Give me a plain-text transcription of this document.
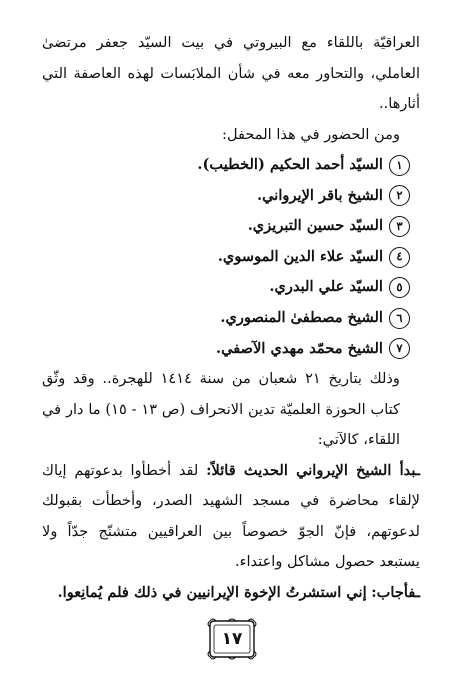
العراقيّة باللقاء مع البيروتي في بيت السيّد جعفر مرتضىٰ العاملي، والتحاور معه في شأن الملابَسات لهذه العاصفة التي أثارها..

ومن الحضور في هذا المحفل:

١
السيّد أحمد الحكيم (الخطيب).
٢
الشيخ باقر الإيرواني.
٣
السيّد حسين التبريزي.
٤
السيّد علاء الدين الموسوي.
٥
السيّد علي البدري.
٦
الشيخ مصطفىٰ المنصوري.
٧
الشيخ محمّد مهدي الآصفي.

وذلك بتاريخ ٢١ شعبان من سنة ١٤١٤ للهجرة.. وقد وثّق كتاب الحوزة العلميّة تدين الانحراف (ص ١٣ - ١٥) ما دار في اللقاء، كالآتي:

ـبدأ الشيخ الإيرواني الحديث قائلاً: لقد أخطأوا بدعوتهم إياك لإلقاء محاضرة في مسجد الشهيد الصدر، وأخطأت بقبولك لدعوتهم، فإنّ الجوّ خصوصاً بين العراقيين متشنّج جدّاً ولا يستبعد حصول مشاكل واعتداء.

ـفأجاب: إني استشرتُ الإخوة الإيرانيين في ذلك فلم يُمانِعوا.

١٧
